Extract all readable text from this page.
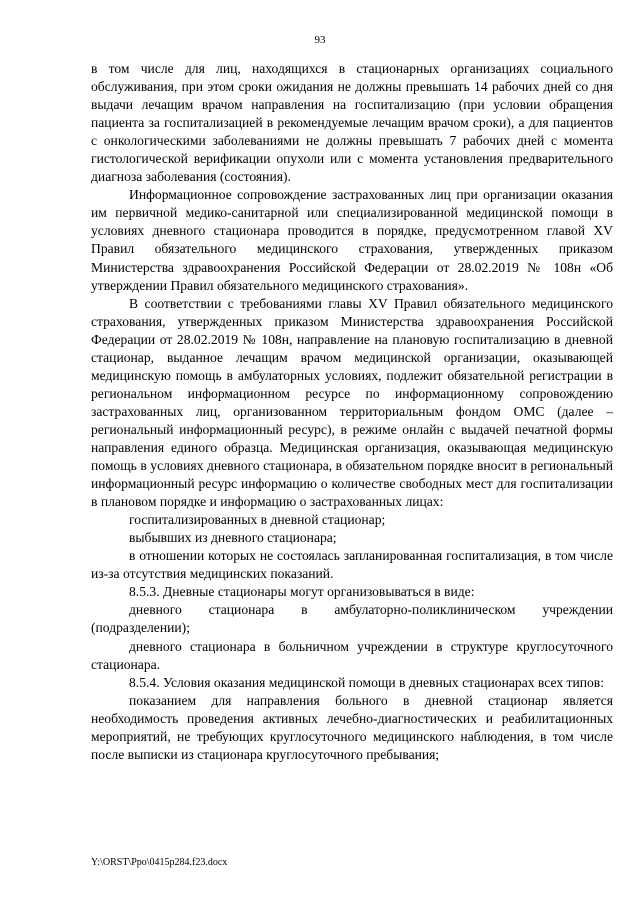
93

в том числе для лиц, находящихся в стационарных организациях социального обслуживания, при этом сроки ожидания не должны превышать 14 рабочих дней со дня выдачи лечащим врачом направления на госпитализацию (при условии обращения пациента за госпитализацией в рекомендуемые лечащим врачом сроки), а для пациентов с онкологическими заболеваниями не должны превышать 7 рабочих дней с момента гистологической верификации опухоли или с момента установления предварительного диагноза заболевания (состояния).

Информационное сопровождение застрахованных лиц при организации оказания им первичной медико-санитарной или специализированной медицинской помощи в условиях дневного стационара проводится в порядке, предусмотренном главой XV Правил обязательного медицинского страхования, утвержденных приказом Министерства здравоохранения Российской Федерации от 28.02.2019 № 108н «Об утверждении Правил обязательного медицинского страхования».

В соответствии с требованиями главы XV Правил обязательного медицинского страхования, утвержденных приказом Министерства здравоохранения Российской Федерации от 28.02.2019 № 108н, направление на плановую госпитализацию в дневной стационар, выданное лечащим врачом медицинской организации, оказывающей медицинскую помощь в амбулаторных условиях, подлежит обязательной регистрации в региональном информационном ресурсе по информационному сопровождению застрахованных лиц, организованном территориальным фондом ОМС (далее – региональный информационный ресурс), в режиме онлайн с выдачей печатной формы направления единого образца. Медицинская организация, оказывающая медицинскую помощь в условиях дневного стационара, в обязательном порядке вносит в региональный информационный ресурс информацию о количестве свободных мест для госпитализации в плановом порядке и информацию о застрахованных лицах:

госпитализированных в дневной стационар;

выбывших из дневного стационара;

в отношении которых не состоялась запланированная госпитализация, в том числе из-за отсутствия медицинских показаний.

8.5.3. Дневные стационары могут организовываться в виде:

дневного стационара в амбулаторно-поликлиническом учреждении (подразделении);

дневного стационара в больничном учреждении в структуре круглосуточного стационара.

8.5.4. Условия оказания медицинской помощи в дневных стационарах всех типов:

показанием для направления больного в дневной стационар является необходимость проведения активных лечебно-диагностических и реабилитационных мероприятий, не требующих круглосуточного медицинского наблюдения, в том числе после выписки из стационара круглосуточного пребывания;

Y:\ORST\Ppo\0415p284.f23.docx
